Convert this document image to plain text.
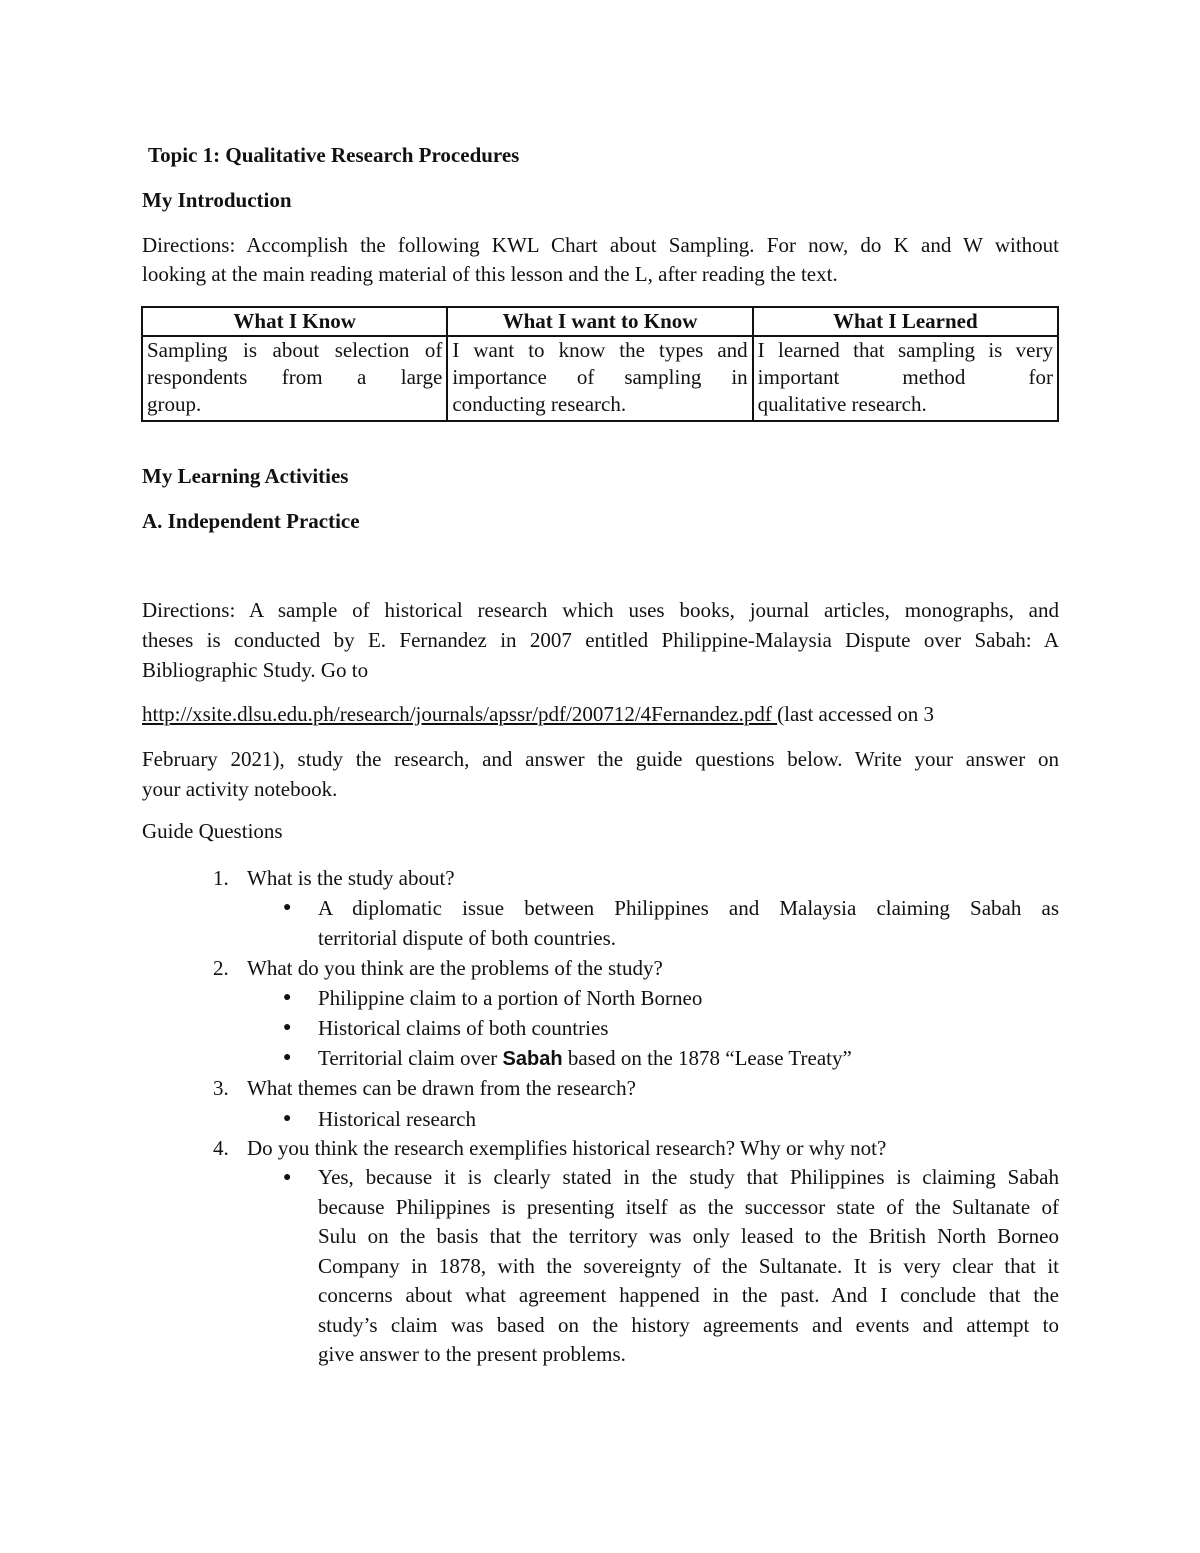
Topic 1: Qualitative Research Procedures
My Introduction
Directions: Accomplish the following KWL Chart about Sampling. For now, do K and W without
looking at the main reading material of this lesson and the L, after reading the text.
What I Know	What I want to Know	What I Learned

Sampling is about selection of
respondents from a large
group.	I want to know the types and
importance of sampling in
conducting research.	I learned that sampling is very
important method for
qualitative research.
My Learning Activities
A. Independent Practice
Directions: A sample of historical research which uses books, journal articles, monographs, and
theses is conducted by E. Fernandez in 2007 entitled Philippine-Malaysia Dispute over Sabah: A
Bibliographic Study. Go to
http://xsite.dlsu.edu.ph/research/journals/apssr/pdf/200712/4Fernandez.pdf (last accessed on 3
February 2021), study the research, and answer the guide questions below. Write your answer on
your activity notebook.
Guide Questions
1. What is the study about?
● A diplomatic issue between Philippines and Malaysia claiming Sabah as
territorial dispute of both countries.
2. What do you think are the problems of the study?
● Philippine claim to a portion of North Borneo
● Historical claims of both countries
● Territorial claim over Sabah based on the 1878 “Lease Treaty”
3. What themes can be drawn from the research?
● Historical research
4. Do you think the research exemplifies historical research? Why or why not?
● Yes, because it is clearly stated in the study that Philippines is claiming Sabah
because Philippines is presenting itself as the successor state of the Sultanate of
Sulu on the basis that the territory was only leased to the British North Borneo
Company in 1878, with the sovereignty of the Sultanate. It is very clear that it
concerns about what agreement happened in the past. And I conclude that the
study’s claim was based on the history agreements and events and attempt to
give answer to the present problems.
